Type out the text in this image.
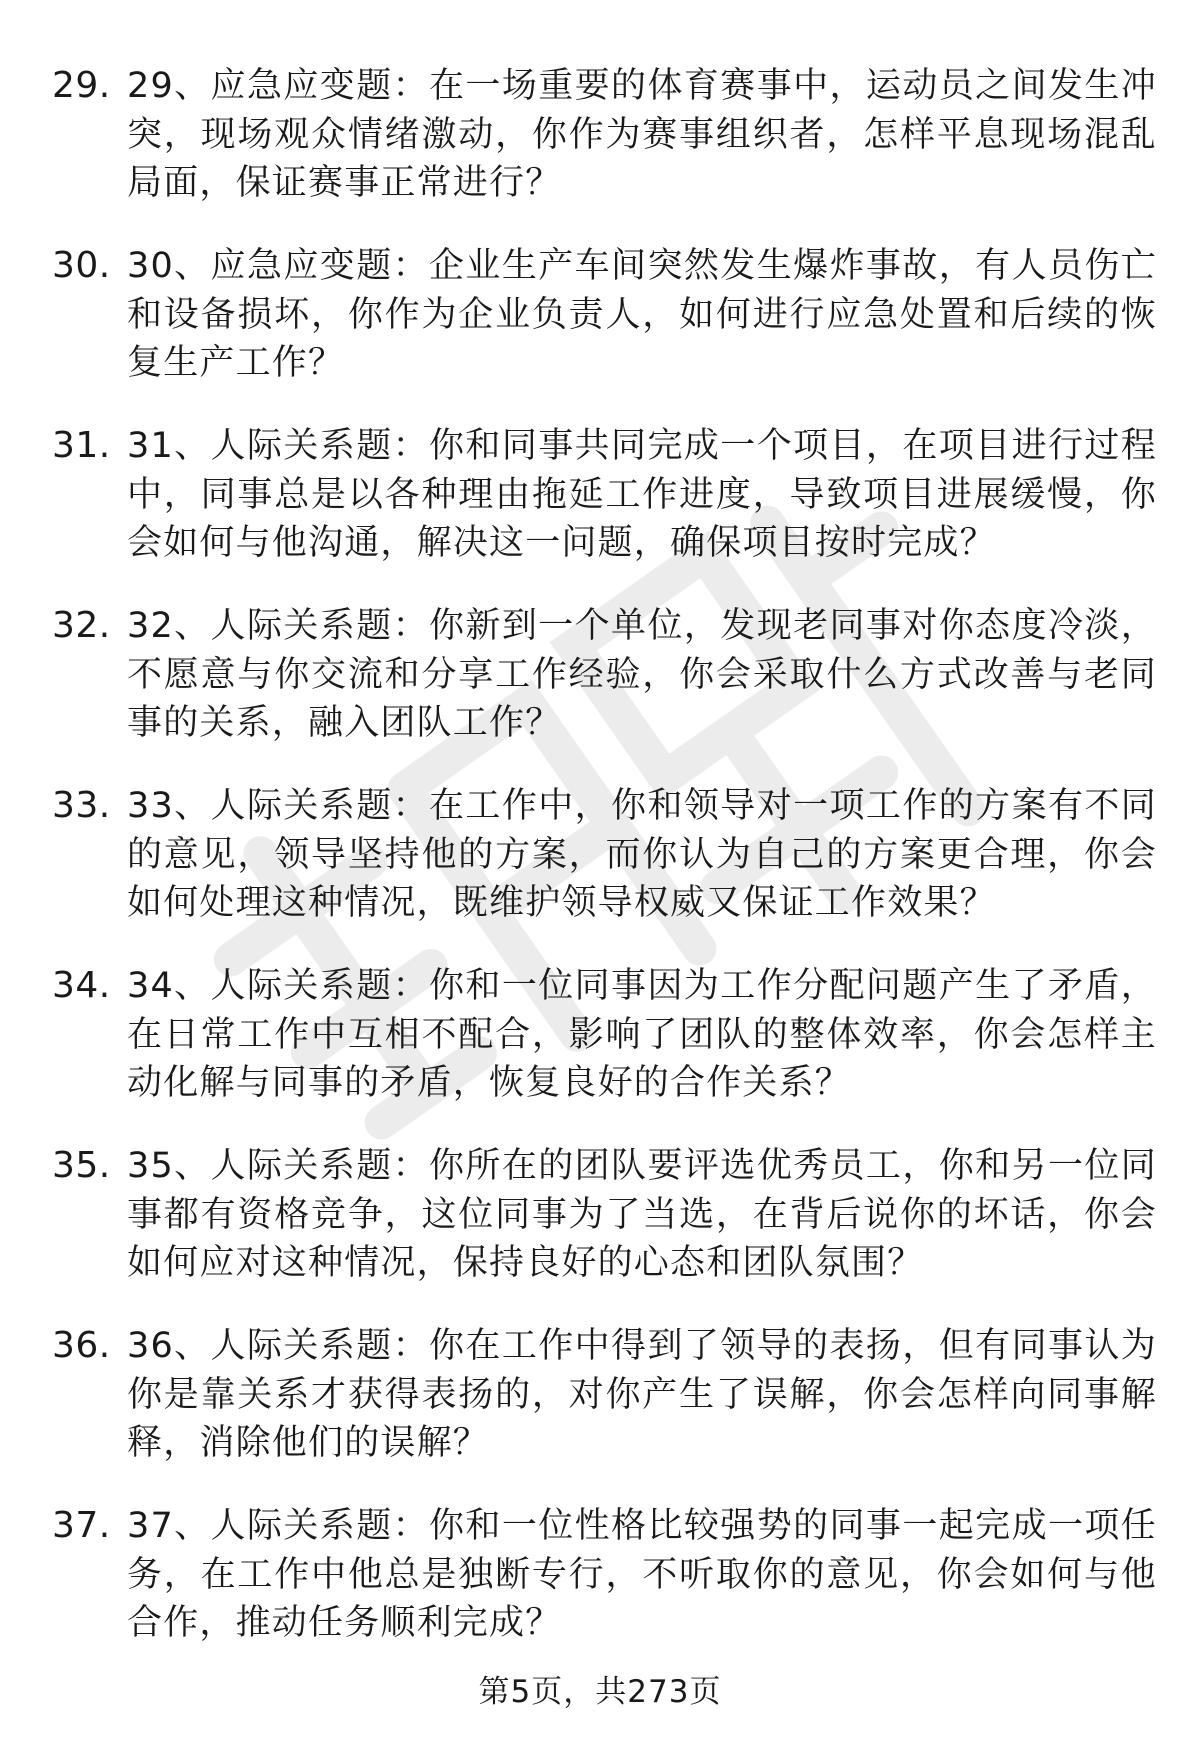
29. 29、应急应变题：在一场重要的体育赛事中，运动员之间发生冲突，现场观众情绪激动，你作为赛事组织者，怎样平息现场混乱局面，保证赛事正常进行？
30. 30、应急应变题：企业生产车间突然发生爆炸事故，有人员伤亡和设备损坏，你作为企业负责人，如何进行应急处置和后续的恢复生产工作？
31. 31、人际关系题：你和同事共同完成一个项目，在项目进行过程中，同事总是以各种理由拖延工作进度，导致项目进展缓慢，你会如何与他沟通，解决这一问题，确保项目按时完成？
32. 32、人际关系题：你新到一个单位，发现老同事对你态度冷淡，不愿意与你交流和分享工作经验，你会采取什么方式改善与老同事的关系，融入团队工作？
33. 33、人际关系题：在工作中，你和领导对一项工作的方案有不同的意见，领导坚持他的方案，而你认为自己的方案更合理，你会如何处理这种情况，既维护领导权威又保证工作效果？
34. 34、人际关系题：你和一位同事因为工作分配问题产生了矛盾，在日常工作中互相不配合，影响了团队的整体效率，你会怎样主动化解与同事的矛盾，恢复良好的合作关系？
35. 35、人际关系题：你所在的团队要评选优秀员工，你和另一位同事都有资格竞争，这位同事为了当选，在背后说你的坏话，你会如何应对这种情况，保持良好的心态和团队氛围？
36. 36、人际关系题：你在工作中得到了领导的表扬，但有同事认为你是靠关系才获得表扬的，对你产生了误解，你会怎样向同事解释，消除他们的误解？
37. 37、人际关系题：你和一位性格比较强势的同事一起完成一项任务，在工作中他总是独断专行，不听取你的意见，你会如何与他合作，推动任务顺利完成？
第5页，共273页
